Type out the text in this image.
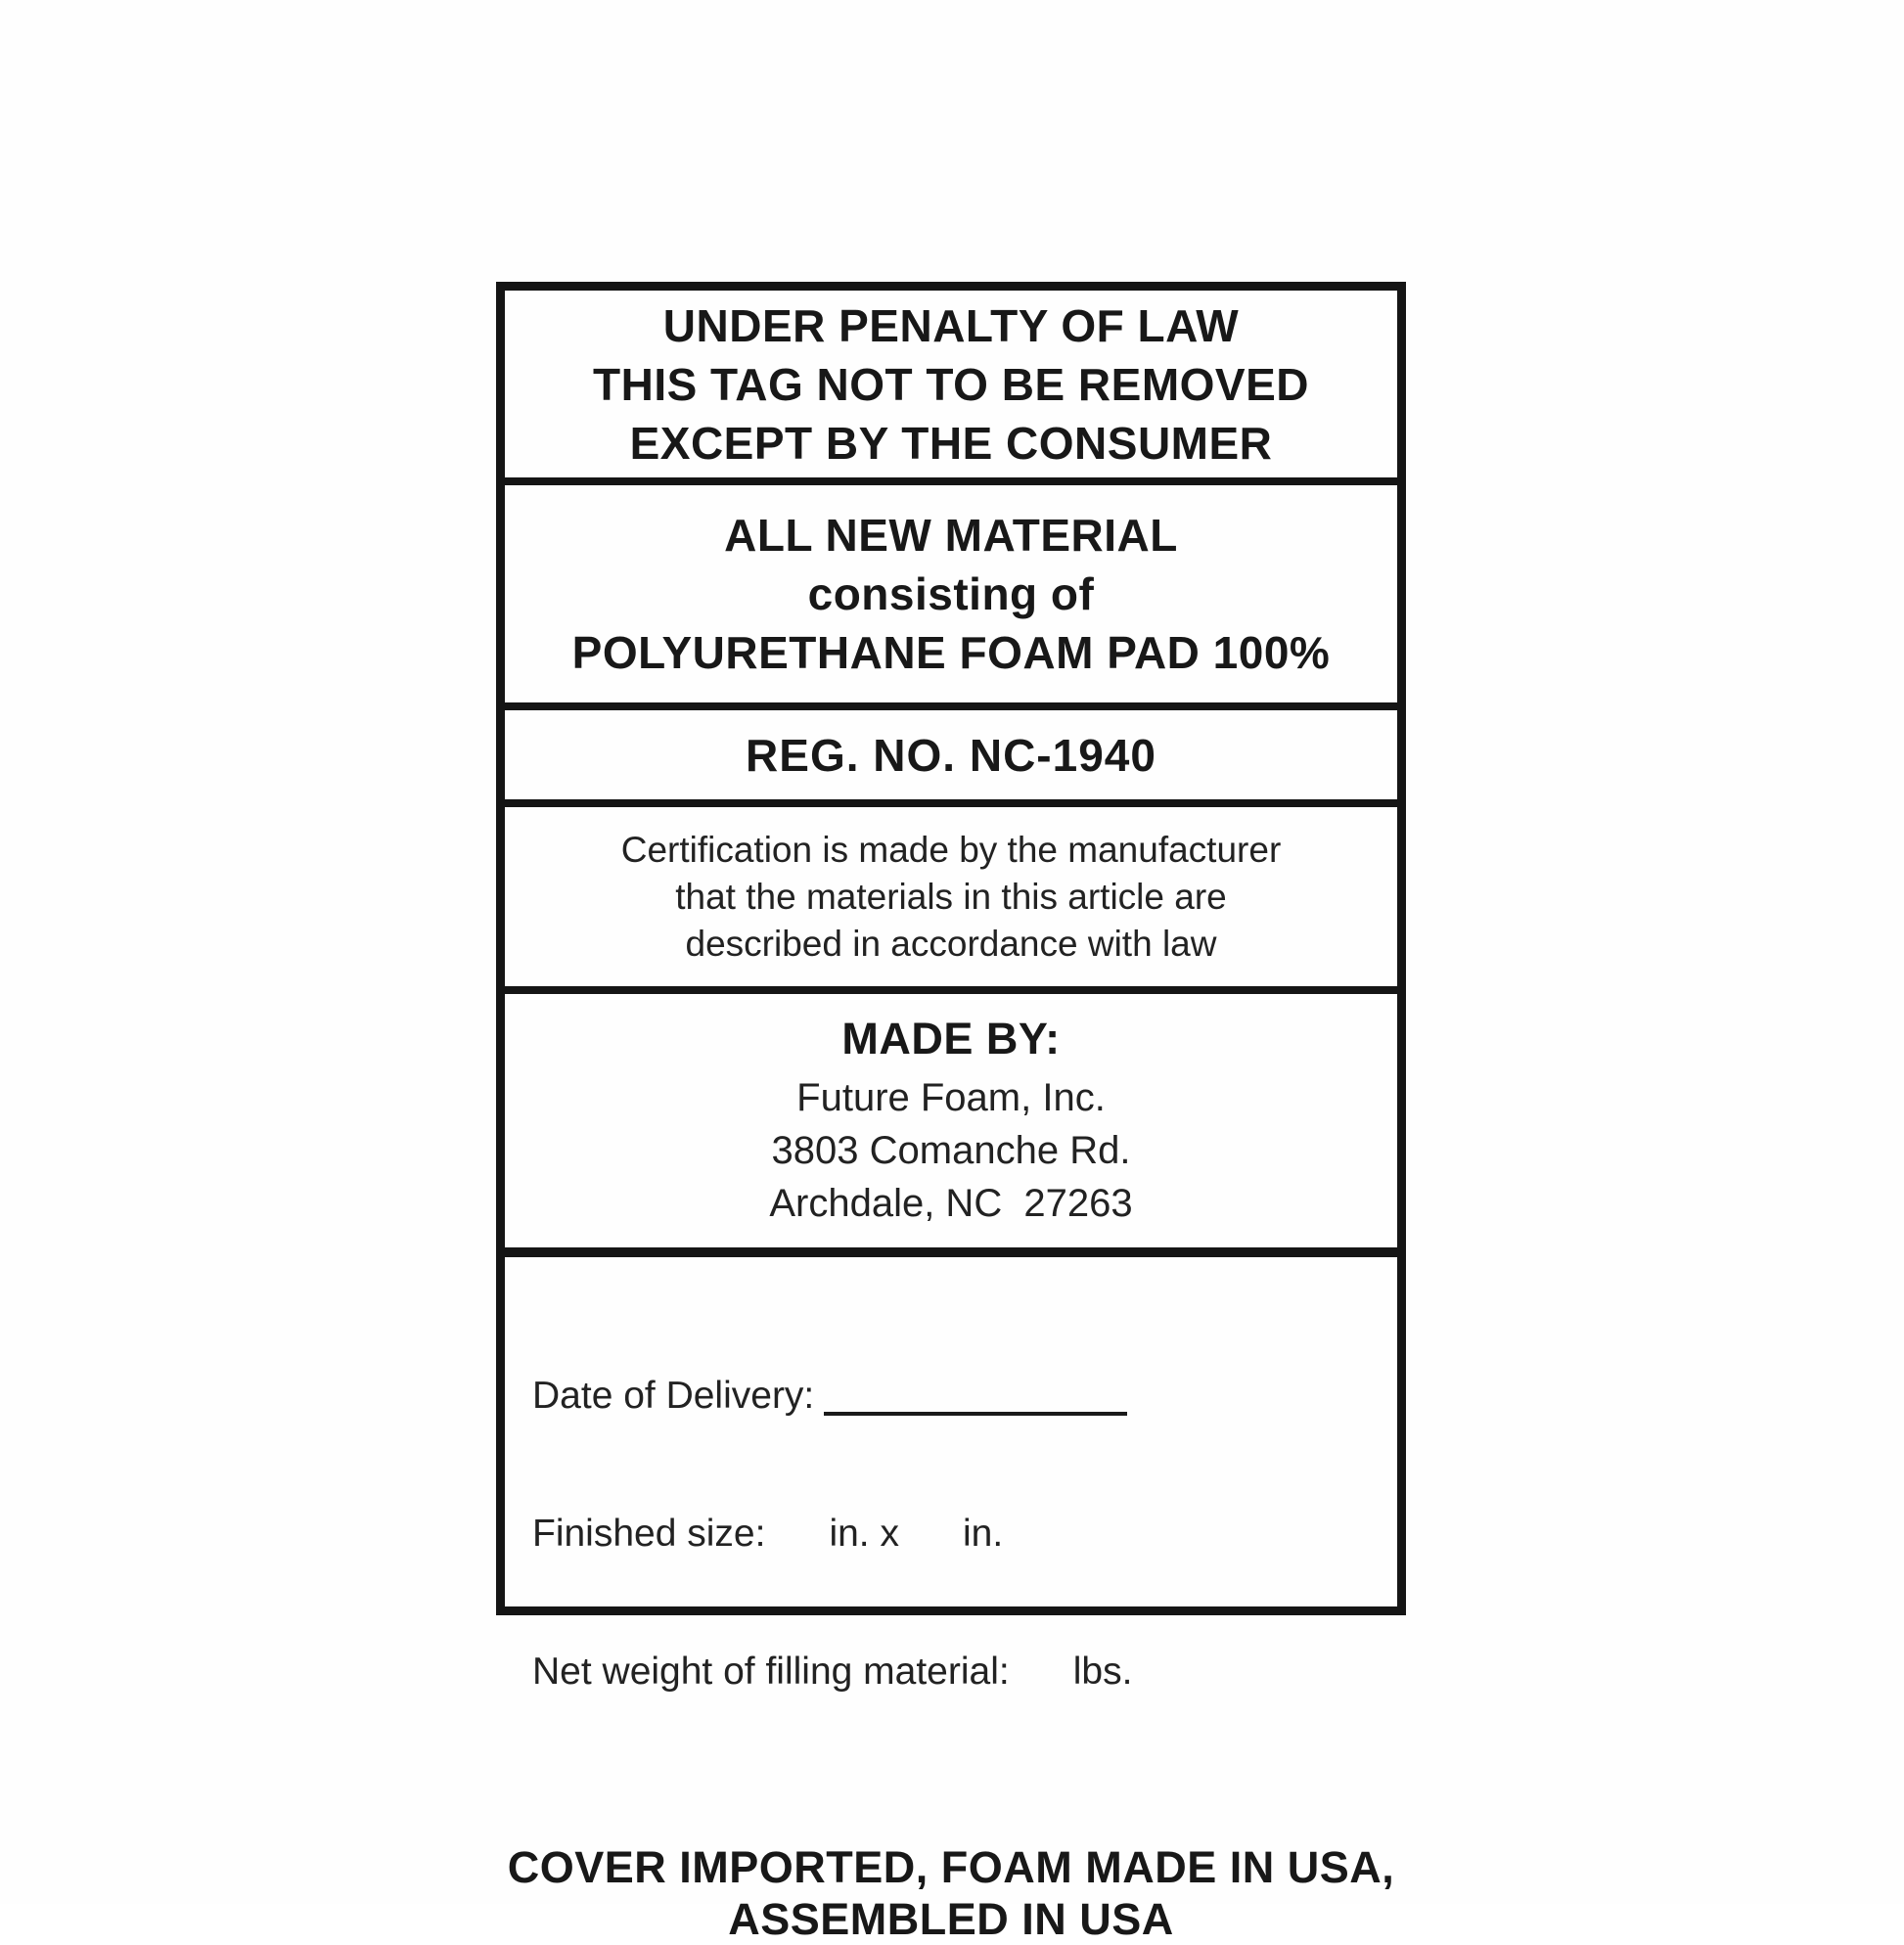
UNDER PENALTY OF LAW
THIS TAG NOT TO BE REMOVED
EXCEPT BY THE CONSUMER
ALL NEW MATERIAL
consisting of
POLYURETHANE FOAM PAD 100%
REG. NO. NC-1940
Certification is made by the manufacturer
that the materials in this article are
described in accordance with law
MADE BY:
Future Foam, Inc.
3803 Comanche Rd.
Archdale, NC  27263

Date of Delivery:

Finished size:      in. x      in.

Net weight of filling material:      lbs.

COVER IMPORTED, FOAM MADE IN USA,
ASSEMBLED IN USA
